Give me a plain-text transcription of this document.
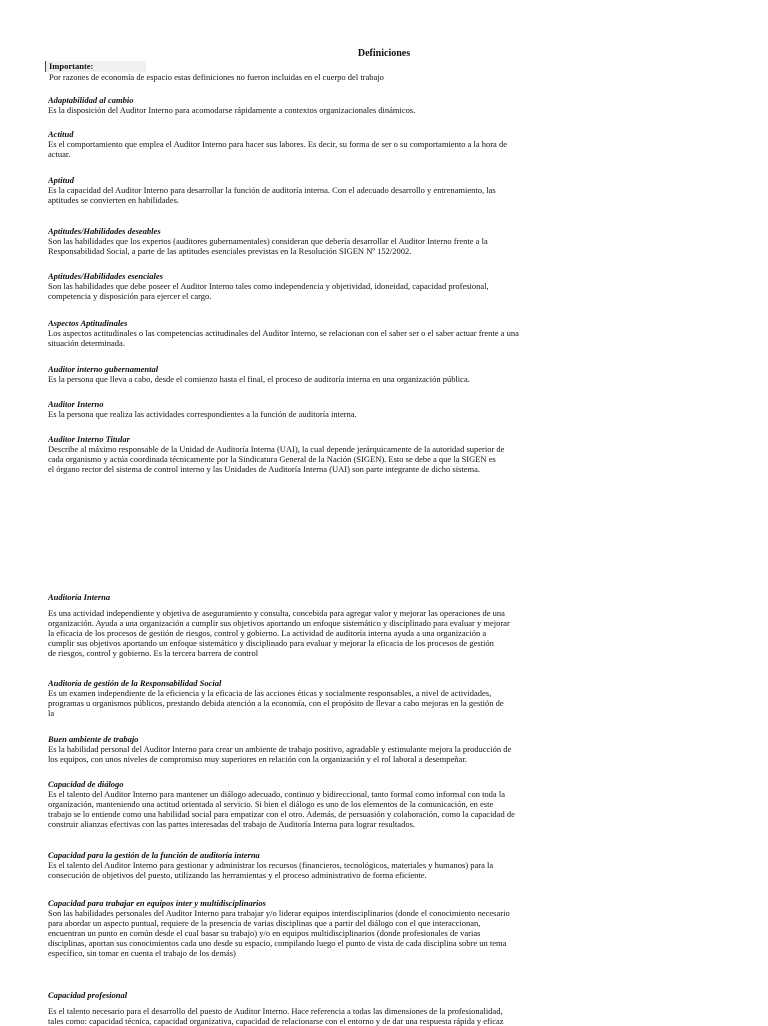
Definiciones
Importante:
Por razones de economía de espacio estas definiciones no fueron incluidas en el cuerpo del trabajo
Adaptabilidad al cambio

Es la disposición del Auditor Interno para acomodarse rápidamente a contextos organizacionales dinámicos.

Actitud

Es el comportamiento que emplea el Auditor Interno para hacer sus labores. Es decir, su forma de ser o su comportamiento a la hora de
actuar.

Aptitud

Es la capacidad del Auditor Interno para desarrollar la función de auditoría interna. Con el adecuado desarrollo y entrenamiento, las
aptitudes se convierten en habilidades.

Aptitudes/Habilidades deseables

Son las habilidades que los expertos (auditores gubernamentales) consideran que debería desarrollar el Auditor Interno frente a la
Responsabilidad Social, a parte de las aptitudes esenciales previstas en la Resolución SIGEN Nº 152/2002.

Aptitudes/Habilidades esenciales

Son las habilidades que debe poseer el Auditor Interno tales como independencia y objetividad, idoneidad, capacidad profesional,
competencia y disposición para ejercer el cargo.

Aspectos Aptitudinales

Los aspectos actitudinales o las competencias actitudinales del Auditor Interno, se relacionan con el saber ser o el saber actuar frente a una
situación determinada.

Auditor interno gubernamental

Es la persona que lleva a cabo, desde el comienzo hasta el final, el proceso de auditoría interna en una organización pública.

Auditor Interno

Es la persona que realiza las actividades correspondientes a la función de auditoría interna.

Auditor Interno Titular

Describe al máximo responsable de la Unidad de Auditoría Interna (UAI), la cual depende jerárquicamente de la autoridad superior de
cada organismo y actúa coordinada técnicamente por la Sindicatura General de la Nación (SIGEN). Esto se debe a que la SIGEN es
el órgano rector del sistema de control interno y las Unidades de Auditoría Interna (UAI) son parte integrante de dicho sistema.

Auditoría Interna

Es una actividad independiente y objetiva de aseguramiento y consulta, concebida para agregar valor y mejorar las operaciones de una
organización. Ayuda a una organización a cumplir sus objetivos aportando un enfoque sistemático y disciplinado para evaluar y mejorar
la eficacia de los procesos de gestión de riesgos, control y gobierno. La actividad de auditoría interna ayuda a una organización a
cumplir sus objetivos aportando un enfoque sistemático y disciplinado para evaluar y mejorar la eficacia de los procesos de gestión
de riesgos, control y gobierno. Es la tercera barrera de control

Auditoría de gestión de la Responsabilidad Social

Es un examen independiente de la eficiencia y la eficacia de las acciones éticas y socialmente responsables, a nivel de actividades,
programas u organismos públicos, prestando debida atención a la economía, con el propósito de llevar a cabo mejoras en la gestión de
la

Buen ambiente de trabajo

Es la habilidad personal del Auditor Interno para crear un ambiente de trabajo positivo, agradable y estimulante mejora la producción de
los equipos, con unos niveles de compromiso muy superiores en relación con la organización y el rol laboral a desempeñar.

Capacidad de diálogo

Es el talento del Auditor Interno para mantener un diálogo adecuado, continuo y bidireccional, tanto formal como informal con toda la
organización, manteniendo una actitud orientada al servicio. Si bien el diálogo es uno de los elementos de la comunicación, en este
trabajo se lo entiende como una habilidad social para empatizar con el otro. Además, de persuasión y colaboración, como la capacidad de
construir alianzas efectivas con las partes interesadas del trabajo de Auditoría Interna para lograr resultados.

Capacidad para la gestión de la función de auditoría interna

Es el talento del Auditor Interno para gestionar y administrar los recursos (financieros, tecnológicos, materiales y humanos) para la
consecución de objetivos del puesto, utilizando las herramientas y el proceso administrativo de forma eficiente.

Capacidad para trabajar en equipos ínter y multidisciplinarios

Son las habilidades personales del Auditor Interno para trabajar y/o liderar equipos interdisciplinarios (donde el conocimiento necesario
para abordar un aspecto puntual, requiere de la presencia de varias disciplinas que a partir del diálogo con el que interaccionan,
encuentran un punto en común desde el cual basar su trabajo) y/o en equipos multidisciplinarios (donde profesionales de varias
disciplinas, aportan sus conocimientos cada uno desde su espacio, compilando luego el punto de vista de cada disciplina sobre un tema
específico, sin tomar en cuenta el trabajo de los demás)

Capacidad profesional

Es el talento necesario para el desarrollo del puesto de Auditor Interno. Hace referencia a todas las dimensiones de la profesionalidad,
tales como: capacidad técnica, capacidad organizativa, capacidad de relacionarse con el entorno y de dar una respuesta rápida y eficaz
